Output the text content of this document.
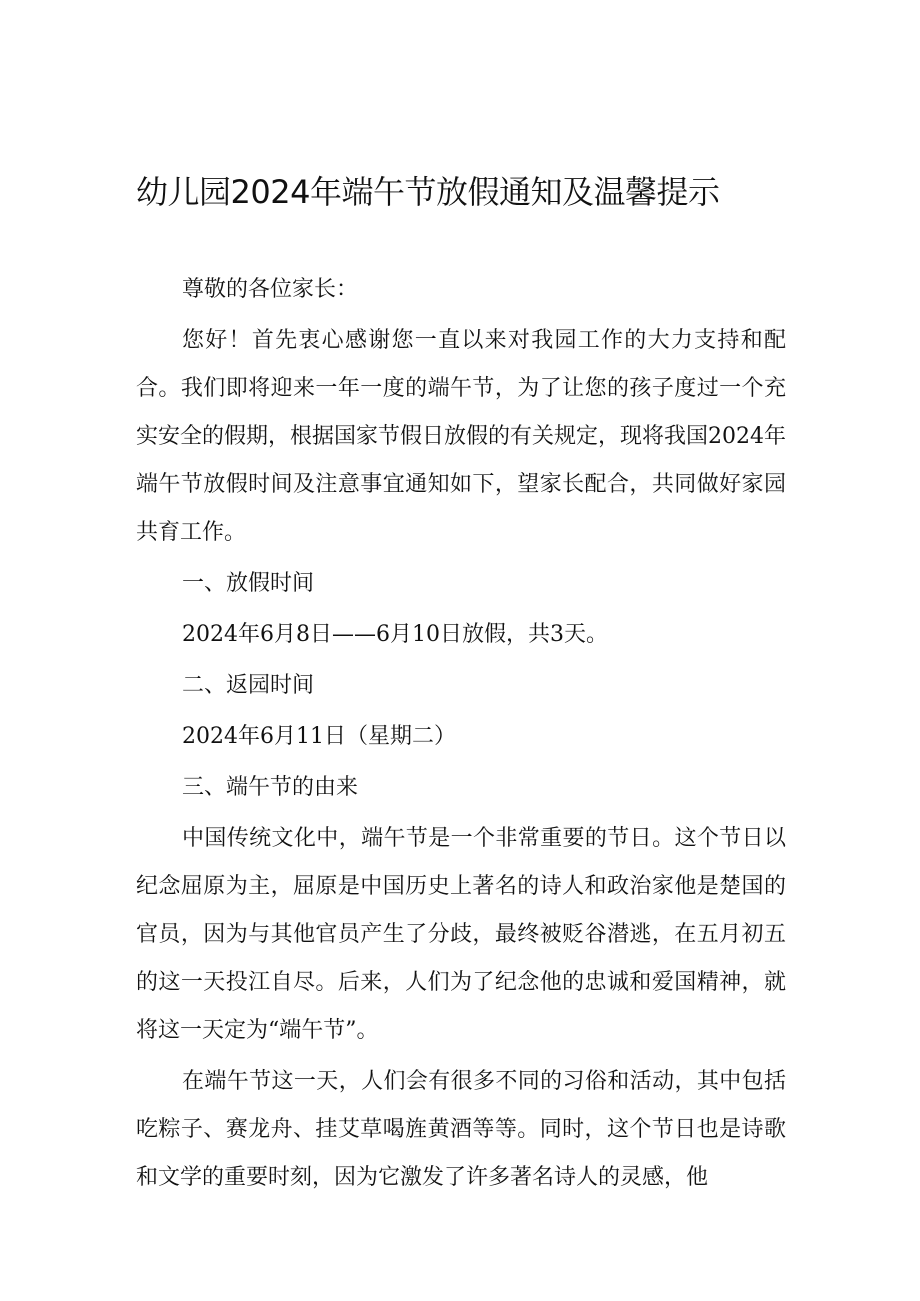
幼儿园2024年端午节放假通知及温馨提示

尊敬的各位家长：

您好！首先衷心感谢您一直以来对我园工作的大力支持和配合。我们即将迎来一年一度的端午节，为了让您的孩子度过一个充实安全的假期，根据国家节假日放假的有关规定，现将我国2024年端午节放假时间及注意事宜通知如下，望家长配合，共同做好家园共育工作。

一、放假时间

2024年6月8日——6月10日放假，共3天。

二、返园时间

2024年6月11日（星期二）

三、端午节的由来

中国传统文化中，端午节是一个非常重要的节日。这个节日以纪念屈原为主，屈原是中国历史上著名的诗人和政治家他是楚国的官员，因为与其他官员产生了分歧，最终被贬谷潜逃，在五月初五的这一天投江自尽。后来，人们为了纪念他的忠诚和爱国精神，就将这一天定为“端午节”。

在端午节这一天，人们会有很多不同的习俗和活动，其中包括吃粽子、赛龙舟、挂艾草喝旌黄酒等等。同时，这个节日也是诗歌和文学的重要时刻，因为它激发了许多著名诗人的灵感，他
